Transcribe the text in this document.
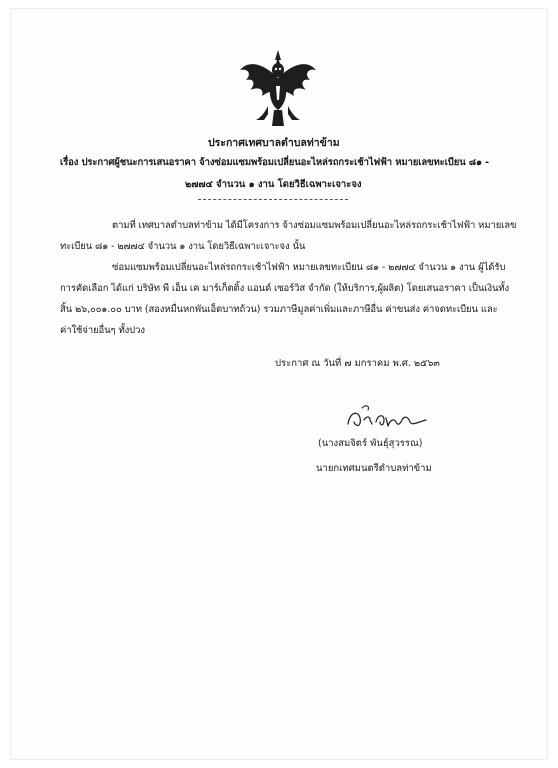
ประกาศเทศบาลตำบลท่าข้าม
เรื่อง ประกาศผู้ชนะการเสนอราคา จ้างซ่อมแซมพร้อมเปลี่ยนอะไหล่รถกระเช้าไฟฟ้า หมายเลขทะเบียน ๘๑ -
๒๗๗๔ จำนวน ๑ งาน โดยวิธีเฉพาะเจาะจง
ตามที่ เทศบาลตำบลท่าข้าม ได้มีโครงการ จ้างซ่อมแซมพร้อมเปลี่ยนอะไหล่รถกระเช้าไฟฟ้า หมายเลข
ทะเบียน ๘๑ - ๒๗๗๔ จำนวน ๑ งาน โดยวิธีเฉพาะเจาะจง นั้น
ซ่อมแซมพร้อมเปลี่ยนอะไหล่รถกระเช้าไฟฟ้า หมายเลขทะเบียน ๘๑ - ๒๗๗๔ จำนวน ๑ งาน ผู้ได้รับ
การคัดเลือก ได้แก่ บริษัท พี เอ็น เค มาร์เก็ตติ้ง แอนด์ เซอร์วิส จำกัด (ให้บริการ,ผู้ผลิต) โดยเสนอราคา เป็นเงินทั้ง
สิ้น ๒๖,๐๐๑.๐๐ บาท (สองหมื่นหกพันเอ็ดบาทถ้วน) รวมภาษีมูลค่าเพิ่มและภาษีอื่น ค่าขนส่ง ค่าจดทะเบียน และ
ค่าใช้จ่ายอื่นๆ ทั้งปวง
ประกาศ ณ วันที่ ๗ มกราคม พ.ศ. ๒๕๖๓
(นางสมจิตร์ พันธุ์สุวรรณ)
นายกเทศมนตรีตำบลท่าข้าม
